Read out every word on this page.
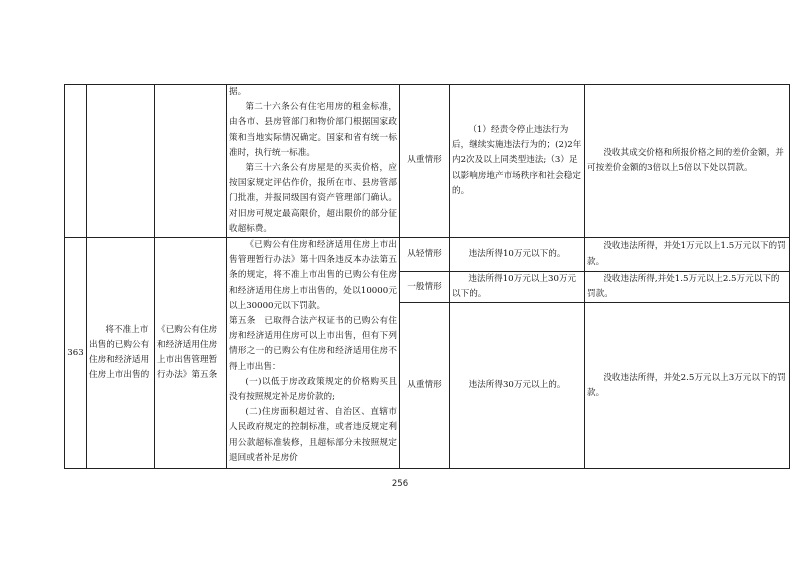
			据。
第二十六条公有住宅用房的租金标准，由各市、县房管部门和物价部门根据国家政策和当地实际情况确定。国家和省有统一标准时，执行统一标准。
第三十六条公有房屋是的买卖价格，应按国家规定评估作价，报所在市、县房管部门批准，并报同级国有资产管理部门确认。对旧房可规定最高限价，超出限价的部分征收超标费。	从重情形	（1）经责令停止违法行为后，继续实施违法行为的；(2)2年内2次及以上同类型违法;（3）足以影响房地产市场秩序和社会稳定的。	没收其成交价格和所报价格之间的差价金额，并可按差价金额的3倍以上5倍以下处以罚款。
363	将不准上市出售的已购公有住房和经济适用住房上市出售的	《已购公有住房和经济适用住房上市出售管理暂行办法》第五条	《已购公有住房和经济适用住房上市出售管理暂行办法》第十四条违反本办法第五条的规定，将不准上市出售的已购公有住房和经济适用住房上市出售的，处以10000元以上30000元以下罚款。
第五条　已取得合法产权证书的已购公有住房和经济适用住房可以上市出售，但有下列情形之一的已购公有住房和经济适用住房不得上市出售：
(一)以低于房改政策规定的价格购买且没有按照规定补足房价款的;
(二)住房面积超过省、自治区、直辖市人民政府规定的控制标准，或者违反规定利用公款超标准装修，且超标部分未按照规定退回或者补足房价	从轻情形	违法所得10万元以下的。	没收违法所得，并处1万元以上1.5万元以下的罚款。
				一般情形	违法所得10万元以上30万元以下的。	没收违法所得,并处1.5万元以上2.5万元以下的罚款。
				从重情形	违法所得30万元以上的。	没收违法所得，并处2.5万元以上3万元以下的罚款。
256
